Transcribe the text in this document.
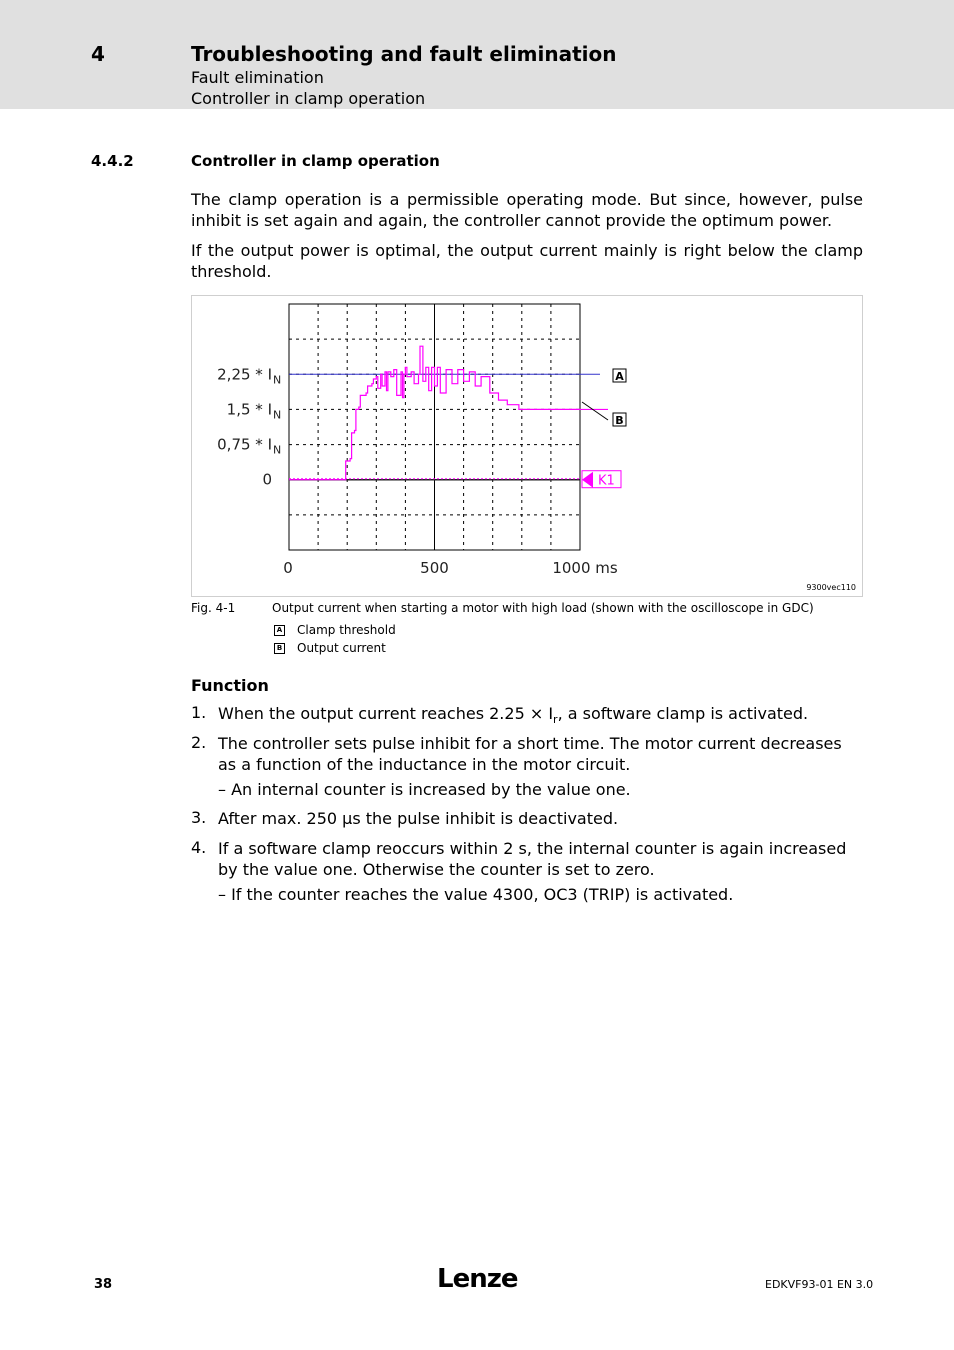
4	Troubleshooting and fault elimination
Fault elimination
Controller in clamp operation
4.4.2	Controller in clamp operation
The clamp operation is a permissible operating mode. But since, however, pulse inhibit is set again and again, the controller cannot provide the optimum power.
If the output power is optimal, the output current mainly is right below the clamp threshold.
2,25 * I N
1,5 * I N
0,75 * I N
0
0	500	1000 ms
A
B
K1
9300vec110
Fig. 4-1	Output current when starting a motor with high load (shown with the oscilloscope in GDC)
A Clamp threshold
B Output current
Function
1. When the output current reaches $2.25 \times I_r$, a software clamp is activated.
2. The controller sets pulse inhibit for a short time. The motor current decreases as a function of the inductance in the motor circuit.
– An internal counter is increased by the value one.
3. After max. 250 µs the pulse inhibit is deactivated.
4. If a software clamp reoccurs within 2 s, the internal counter is again increased by the value one. Otherwise the counter is set to zero.
– If the counter reaches the value 4300, OC3 (TRIP) is activated.
38	Lenze	EDKVF93-01 EN 3.0
